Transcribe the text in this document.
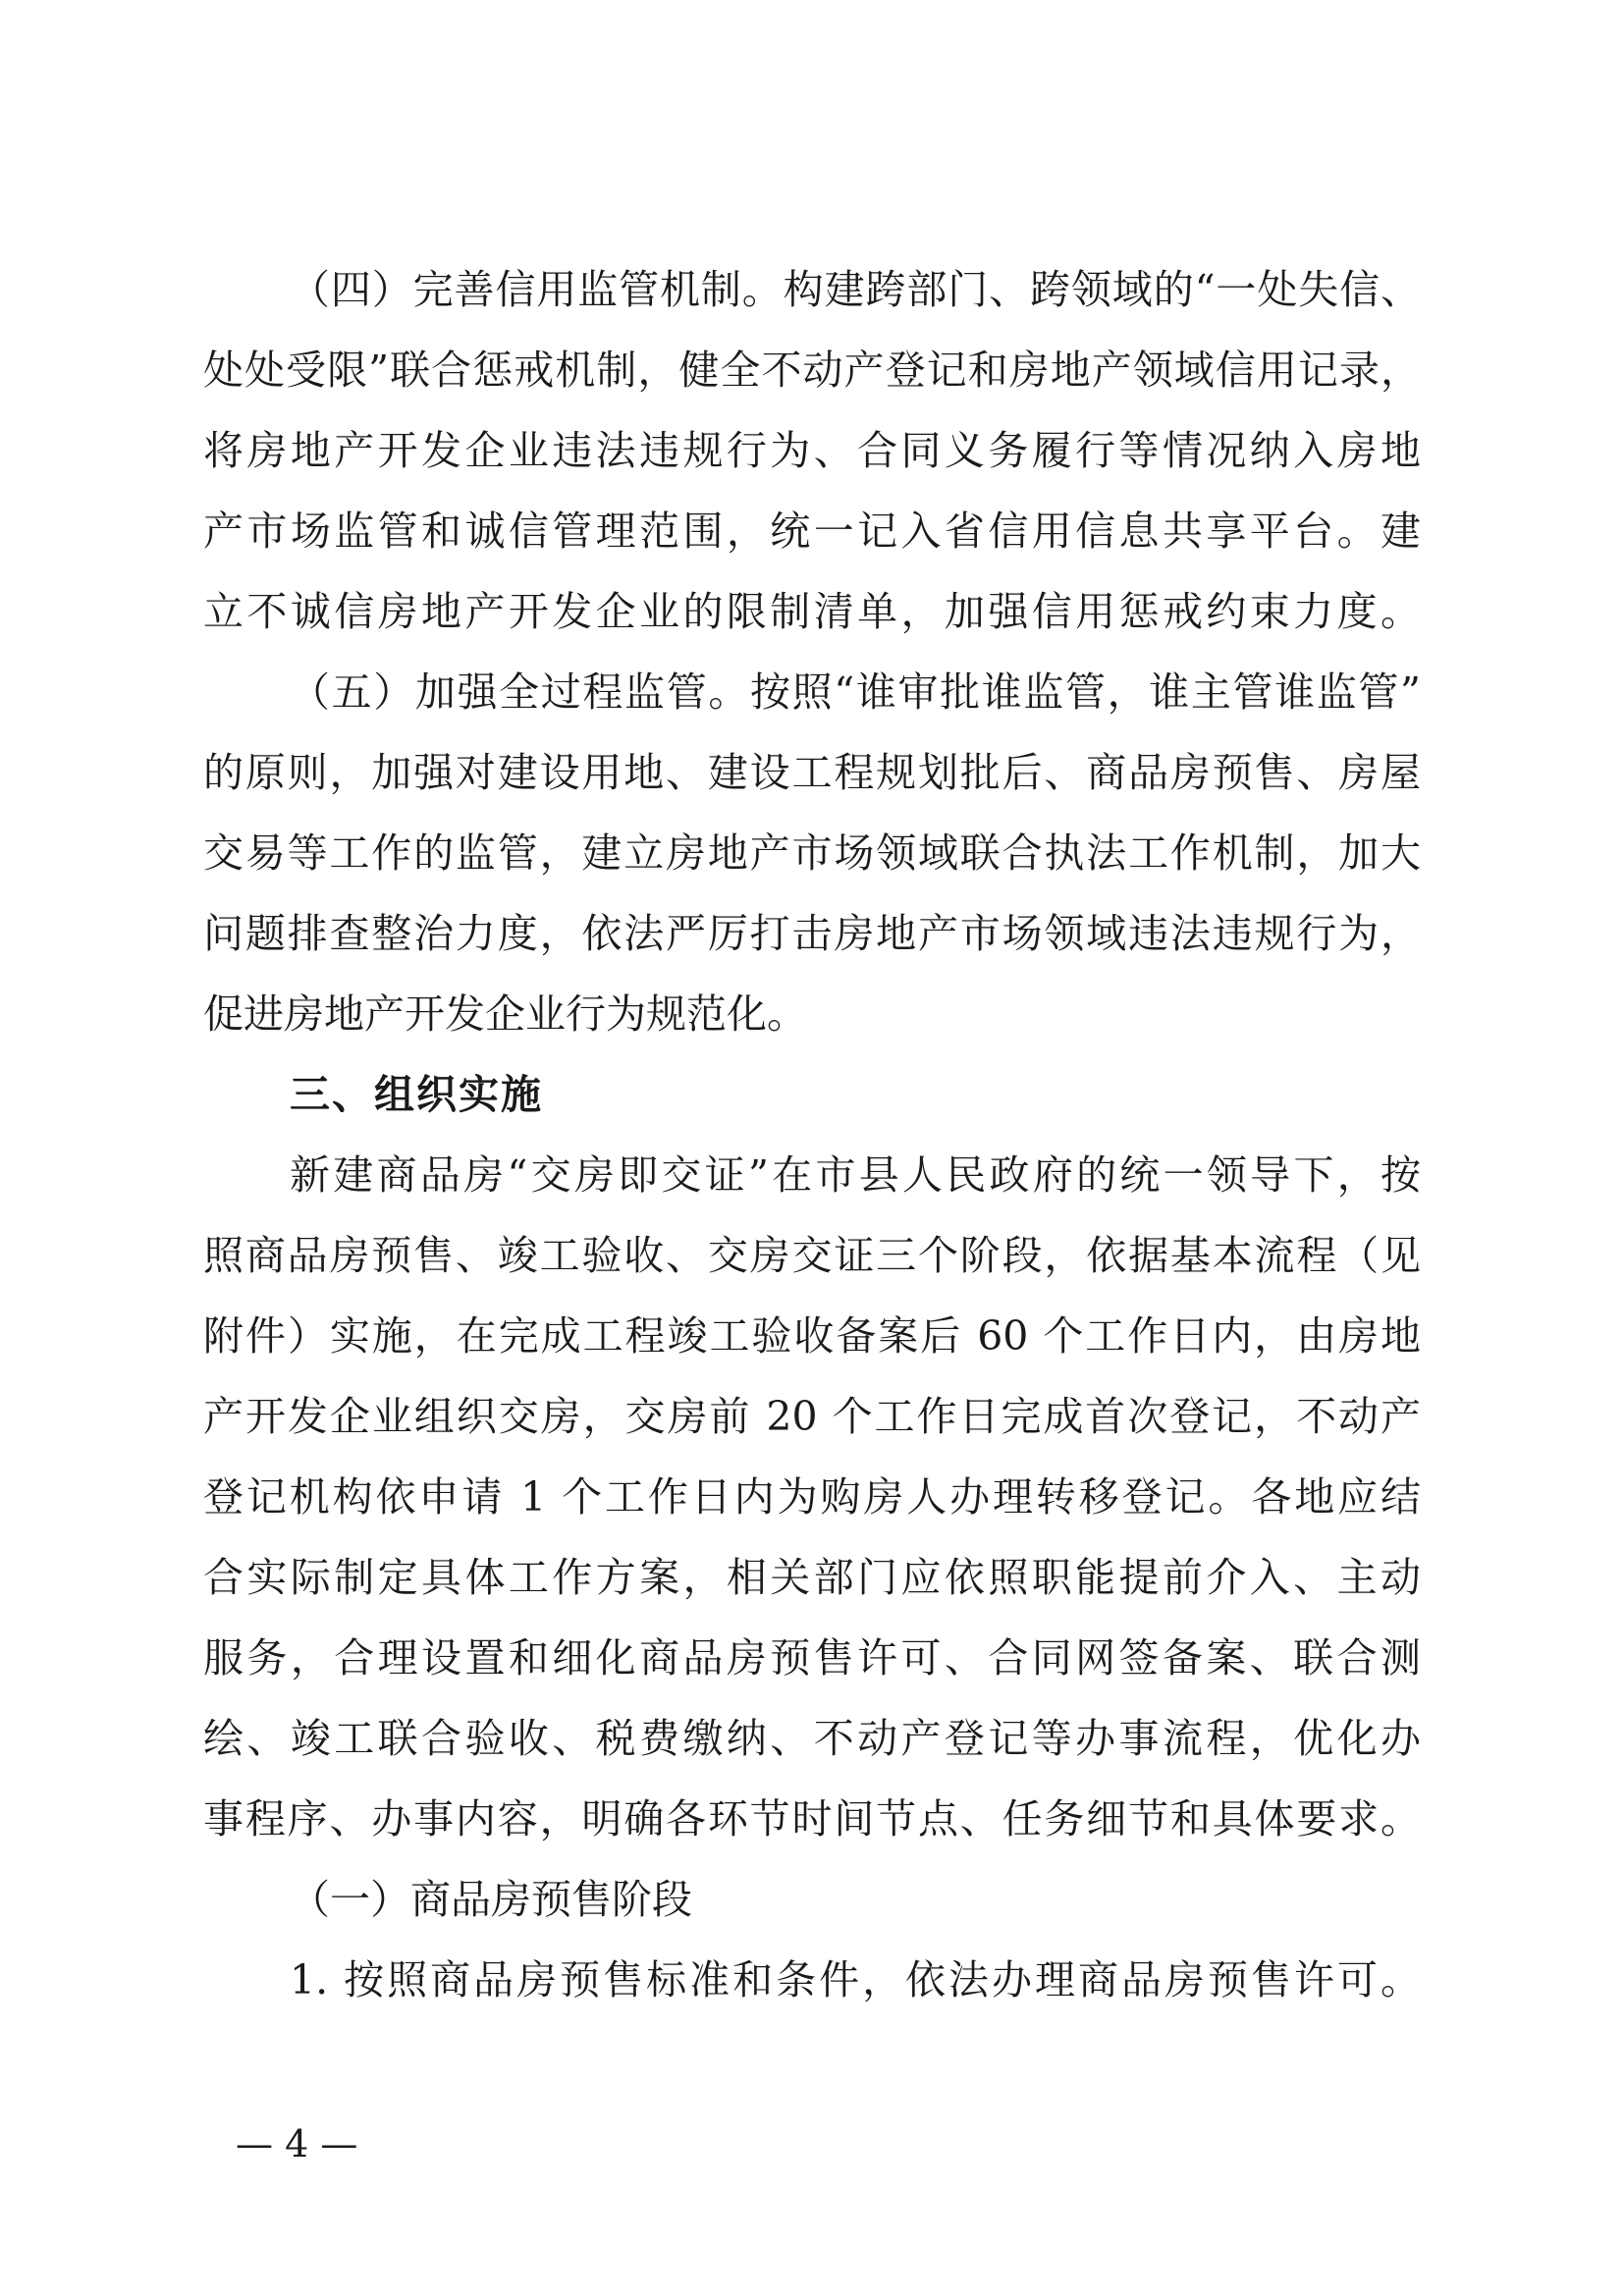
（四）完善信用监管机制。构建跨部门、跨领域的“一处失信、
处处受限”联合惩戒机制，健全不动产登记和房地产领域信用记录，
将房地产开发企业违法违规行为、合同义务履行等情况纳入房地
产市场监管和诚信管理范围，统一记入省信用信息共享平台。建
立不诚信房地产开发企业的限制清单，加强信用惩戒约束力度。
（五）加强全过程监管。按照“谁审批谁监管，谁主管谁监管”
的原则，加强对建设用地、建设工程规划批后、商品房预售、房屋
交易等工作的监管，建立房地产市场领域联合执法工作机制，加大
问题排查整治力度，依法严厉打击房地产市场领域违法违规行为，
促进房地产开发企业行为规范化。
三、组织实施
新建商品房“交房即交证”在市县人民政府的统一领导下，按
照商品房预售、竣工验收、交房交证三个阶段，依据基本流程（见
附件）实施，在完成工程竣工验收备案后 60 个工作日内，由房地
产开发企业组织交房，交房前 20 个工作日完成首次登记，不动产
登记机构依申请 1 个工作日内为购房人办理转移登记。各地应结
合实际制定具体工作方案，相关部门应依照职能提前介入、主动
服务，合理设置和细化商品房预售许可、合同网签备案、联合测
绘、竣工联合验收、税费缴纳、不动产登记等办事流程，优化办
事程序、办事内容，明确各环节时间节点、任务细节和具体要求。
（一）商品房预售阶段
1. 按照商品房预售标准和条件，依法办理商品房预售许可。
— 4 —
